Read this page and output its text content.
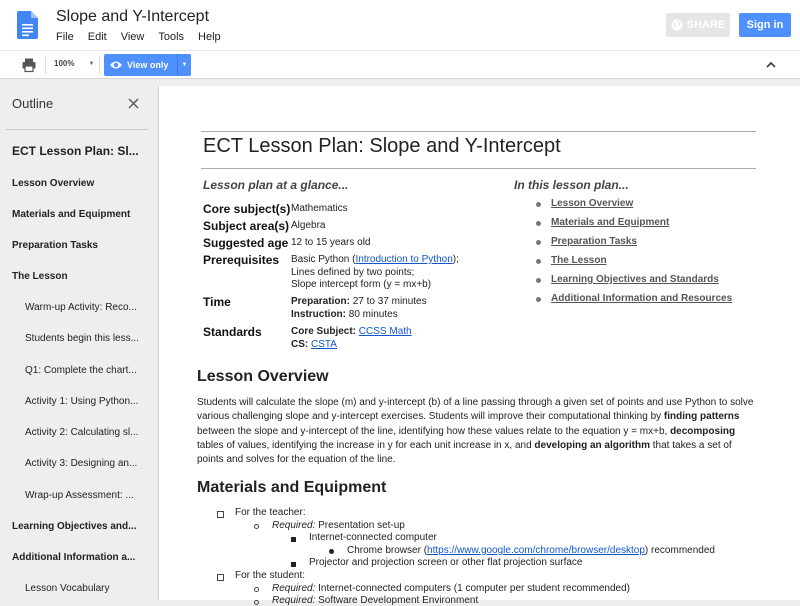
Slope and Y-Intercept
File Edit View Tools Help
SHARE	Sign in
100% ▼	View only	▼
Outline
ECT Lesson Plan: Sl...
Lesson Overview
Materials and Equipment
Preparation Tasks
The Lesson
Warm-up Activity: Reco...
Students begin this less...
Q1: Complete the chart...
Activity 1: Using Python...
Activity 2: Calculating sl...
Activity 3: Designing an...
Wrap-up Assessment: ...
Learning Objectives and...
Additional Information a...
Lesson Vocabulary
ECT Lesson Plan: Slope and Y-Intercept
Lesson plan at a glance...	In this lesson plan...
Core subject(s) Mathematics
Subject area(s) Algebra
Suggested age 12 to 15 years old
Prerequisites Basic Python (Introduction to Python);
Lines defined by two points;
Slope intercept form (y = mx+b)
Time	Preparation: 27 to 37 minutes
Instruction: 80 minutes
Standards	Core Subject: CCSS Math
CS: CSTA
Lesson Overview
Materials and Equipment
Preparation Tasks
The Lesson
Learning Objectives and Standards
Additional Information and Resources
Lesson Overview
Students will calculate the slope (m) and y-intercept (b) of a line passing through a given set of points and use Python to solve various challenging slope and y-intercept exercises. Students will improve their computational thinking by finding patterns between the slope and y-intercept of the line, identifying how these values relate to the equation y = mx+b, decomposing tables of values, identifying the increase in y for each unit increase in x, and developing an algorithm that takes a set of points and solves for the equation of the line.
Materials and Equipment
For the teacher:
Required: Presentation set-up
Internet-connected computer
Chrome browser (https://www.google.com/chrome/browser/desktop) recommended
Projector and projection screen or other flat projection surface
For the student:
Required: Internet-connected computers (1 computer per student recommended)
Required: Software Development Environment
